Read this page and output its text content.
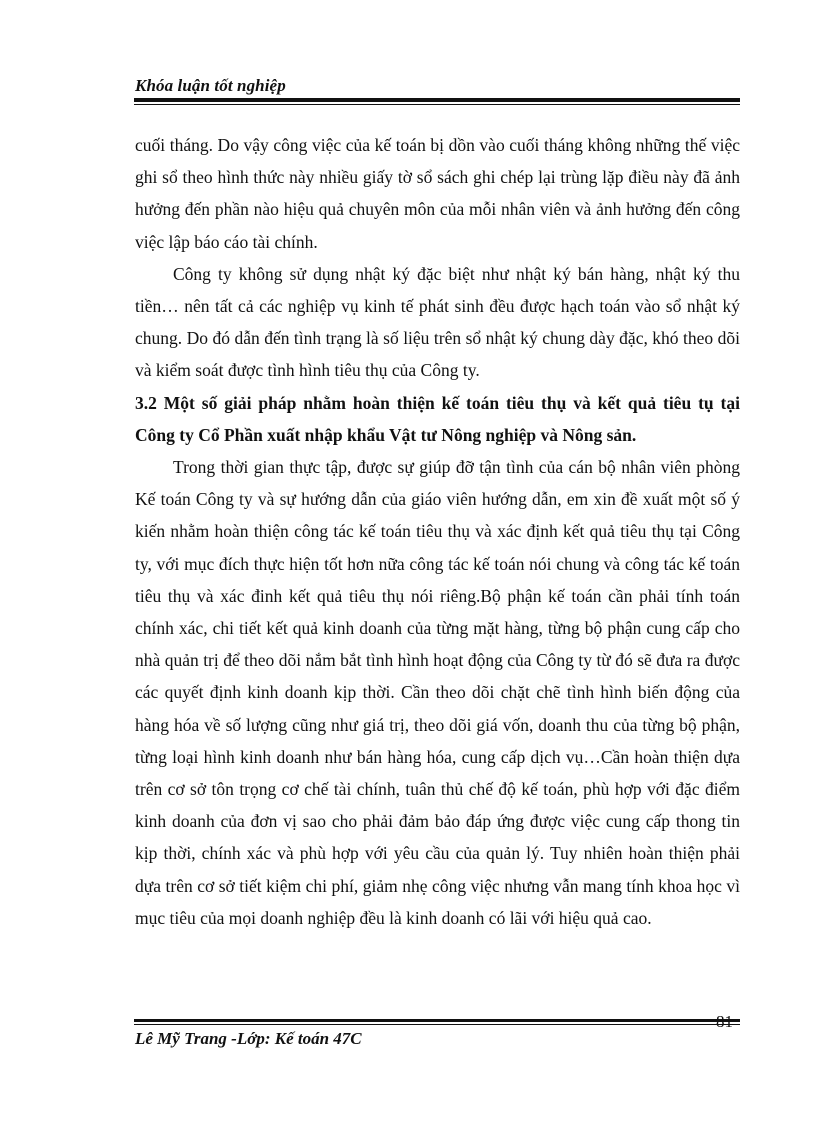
Khóa luận tốt nghiệp

cuối tháng. Do vậy công việc của kế toán bị dồn vào cuối tháng không những thế việc ghi sổ theo hình thức này nhiều giấy tờ sổ sách ghi chép lại trùng lặp điều này đã ảnh hưởng đến phần nào hiệu quả chuyên môn của mỗi nhân viên và ảnh hưởng đến công việc lập báo cáo tài chính.

Công ty không sử dụng nhật ký đặc biệt như nhật ký bán hàng, nhật ký thu tiền… nên tất cả các nghiệp vụ kinh tế phát sinh đều được hạch toán vào sổ nhật ký chung. Do đó dẫn đến tình trạng là số liệu trên sổ nhật ký chung dày đặc, khó theo dõi và kiểm soát được tình hình tiêu thụ của Công ty.

3.2 Một số giải pháp nhằm hoàn thiện kế toán tiêu thụ và kết quả tiêu tụ tại Công ty Cổ Phần xuất nhập khẩu Vật tư Nông nghiệp và Nông sản.

Trong thời gian thực tập, được sự giúp đỡ tận tình của cán bộ nhân viên phòng Kế toán Công ty và sự hướng dẫn của giáo viên hướng dẫn, em xin đề xuất một số ý kiến nhằm hoàn thiện công tác kế toán tiêu thụ và xác định kết quả tiêu thụ tại Công ty, với mục đích thực hiện tốt hơn nữa công tác kế toán nói chung và công tác kế toán tiêu thụ và xác đinh kết quả tiêu thụ nói riêng.Bộ phận kế toán cần phải tính toán chính xác, chi tiết kết quả kinh doanh của từng mặt hàng, từng bộ phận cung cấp cho nhà quản trị để theo dõi nắm bắt tình hình hoạt động của Công ty từ đó sẽ đưa ra được các quyết định kinh doanh kịp thời. Cần theo dõi chặt chẽ tình hình biến động của hàng hóa về số lượng cũng như giá trị, theo dõi giá vốn, doanh thu của từng bộ phận, từng loại hình kinh doanh như bán hàng hóa, cung cấp dịch vụ…Cần hoàn thiện dựa trên cơ sở tôn trọng cơ chế tài chính, tuân thủ chế độ kế toán, phù hợp với đặc điểm kinh doanh của đơn vị sao cho phải đảm bảo đáp ứng được việc cung cấp thong tin kịp thời, chính xác và phù hợp với yêu cầu của quản lý. Tuy nhiên hoàn thiện phải dựa trên cơ sở tiết kiệm chi phí, giảm nhẹ công việc nhưng vẫn mang tính khoa học vì mục tiêu của mọi doanh nghiệp đều là kinh doanh có lãi với hiệu quả cao.

Lê Mỹ Trang -Lớp: Kế toán 47C
